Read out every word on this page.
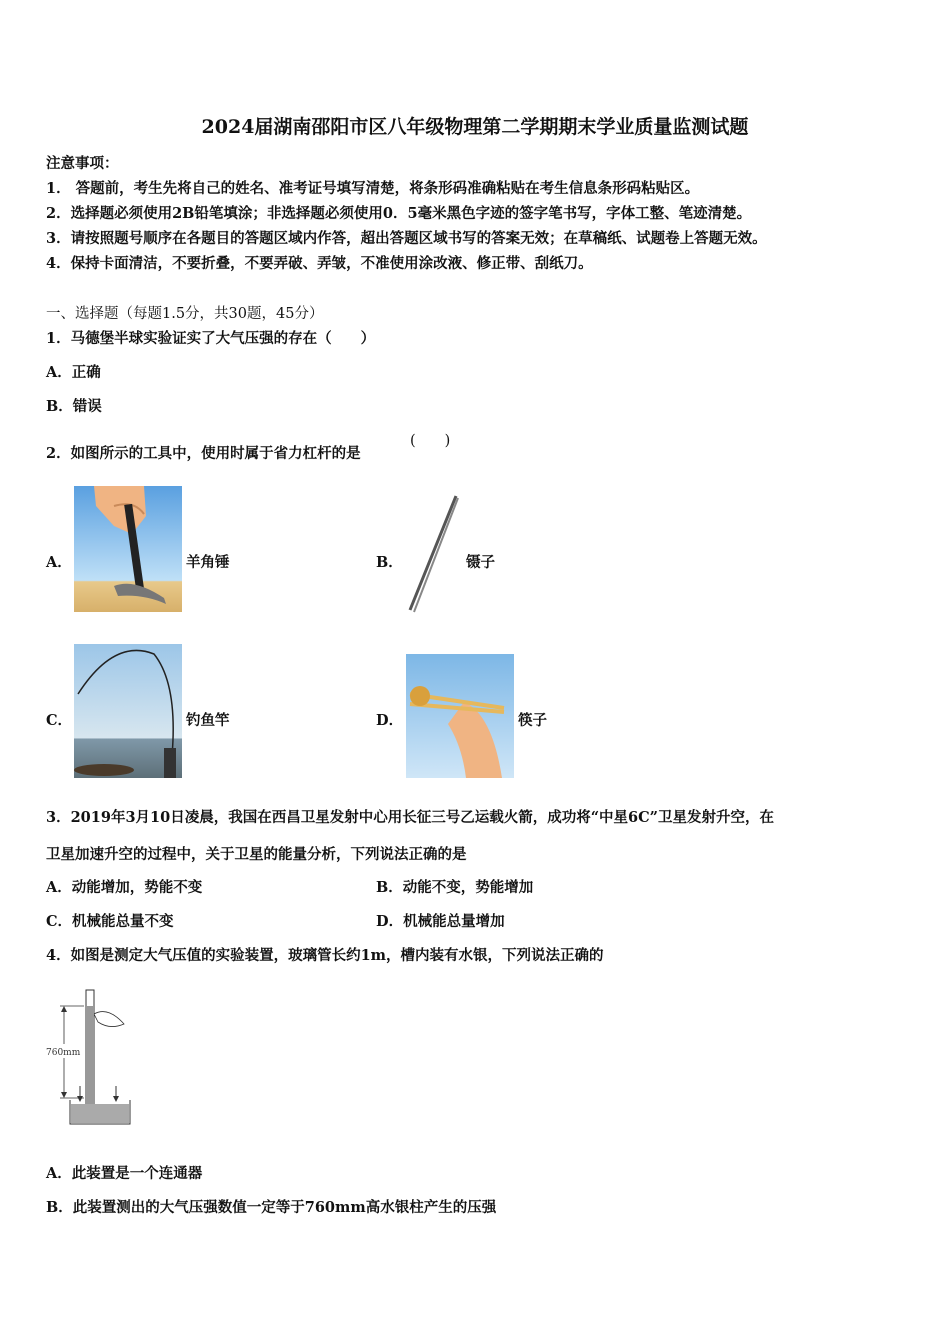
2024届湖南邵阳市区八年级物理第二学期期末学业质量监测试题
注意事项：
1． 答题前，考生先将自己的姓名、准考证号填写清楚，将条形码准确粘贴在考生信息条形码粘贴区。
2．选择题必须使用2B铅笔填涂；非选择题必须使用0．5毫米黑色字迹的签字笔书写，字体工整、笔迹清楚。
3．请按照题号顺序在各题目的答题区域内作答，超出答题区域书写的答案无效；在草稿纸、试题卷上答题无效。
4．保持卡面清洁，不要折叠，不要弄破、弄皱，不准使用涂改液、修正带、刮纸刀。
一、选择题（每题1.5分，共30题，45分）
1．马德堡半球实验证实了大气压强的存在（　　）
A．正确
B．错误
2．如图所示的工具中，使用时属于省力杠杆的是
(　　)
A．	羊角锤	B．	镊子
C．	钓鱼竿	D．	筷子
3．2019年3月10日凌晨，我国在西昌卫星发射中心用长征三号乙运载火箭，成功将“中星6C”卫星发射升空，在
卫星加速升空的过程中，关于卫星的能量分析，下列说法正确的是
A．动能增加，势能不变	B．动能不变，势能增加
C．机械能总量不变	D．机械能总量增加
4．如图是测定大气压值的实验装置，玻璃管长约1m，槽内装有水银，下列说法正确的
760mm
A．此装置是一个连通器
B．此装置测出的大气压强数值一定等于760mm高水银柱产生的压强
